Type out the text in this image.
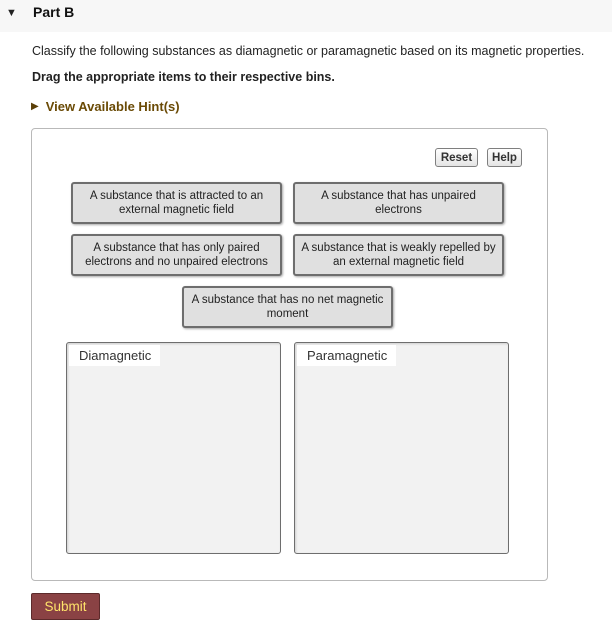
▼ Part B
Classify the following substances as diamagnetic or paramagnetic based on its magnetic properties.
Drag the appropriate items to their respective bins.
▶ View Available Hint(s)
Reset	Help
A substance that is attracted to an external magnetic field
A substance that has unpaired electrons
A substance that has only paired electrons and no unpaired electrons
A substance that is weakly repelled by an external magnetic field
A substance that has no net magnetic moment
Diamagnetic	Paramagnetic
Submit
